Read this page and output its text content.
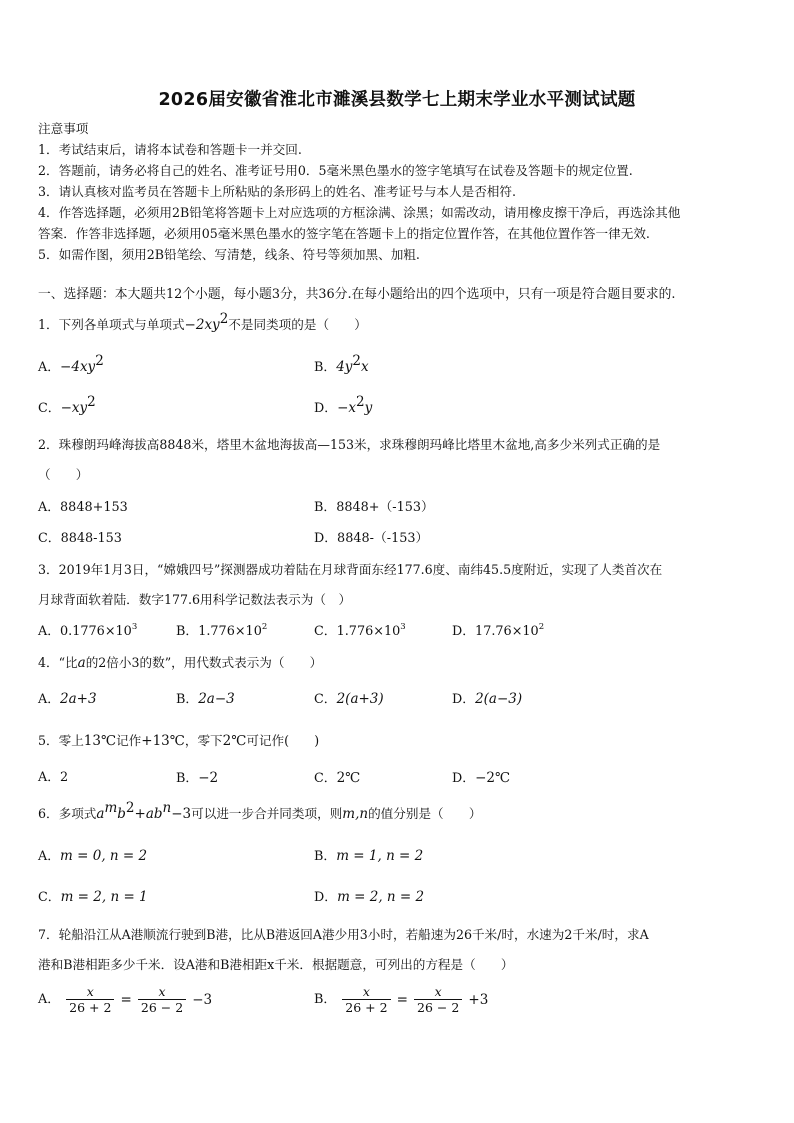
2026届安徽省淮北市濉溪县数学七上期末学业水平测试试题
注意事项
1．考试结束后，请将本试卷和答题卡一并交回.
2．答题前，请务必将自己的姓名、准考证号用0．5毫米黑色墨水的签字笔填写在试卷及答题卡的规定位置.
3．请认真核对监考员在答题卡上所粘贴的条形码上的姓名、准考证号与本人是否相符.
4．作答选择题，必须用2B铅笔将答题卡上对应选项的方框涂满、涂黑；如需改动，请用橡皮擦干净后，再选涂其他
答案．作答非选择题，必须用05毫米黑色墨水的签字笔在答题卡上的指定位置作答，在其他位置作答一律无效.
5．如需作图，须用2B铅笔绘、写清楚，线条、符号等须加黑、加粗.
一、选择题：本大题共12个小题，每小题3分，共36分.在每小题给出的四个选项中，只有一项是符合题目要求的.
1．下列各单项式与单项式$-2xy^2$不是同类项的是（　　）
A．$-4xy^2$	B．$4y^2x$
C．$-xy^2$	D．$-x^2y$
2．珠穆朗玛峰海拔高8848米，塔里木盆地海拔高—153米，求珠穆朗玛峰比塔里木盆地,高多少米列式正确的是
（　　）
A．8848+153	B．8848+（-153）
C．8848-153	D．8848-（-153）
3．2019年1月3日，“嫦娥四号”探测器成功着陆在月球背面东经177.6度、南纬45.5度附近，实现了人类首次在
月球背面软着陆．数字177.6用科学记数法表示为（　）
A．$0.1776\times 10^3$	B．$1.776\times 10^2$	C．$1.776\times 10^3$	D．$17.76\times 10^2$
4．“比a的2倍小3的数”，用代数式表示为（　　）
A．2a+3	B．2a−3	C．2(a+3)	D．2(a−3)
5．零上13℃记作+13℃，零下2℃可记作(　　)
A．2	B．−2	C．2℃	D．−2℃
6．多项式$a^mb^2+ab^n-3$可以进一步合并同类项，则m,n的值分别是（　　）
A．m = 0, n = 2	B．m = 1, n = 2
C．m = 2, n = 1	D．m = 2, n = 2
7．轮船沿江从A港顺流行驶到B港，比从B港返回A港少用3小时，若船速为26千米/时，水速为2千米/时，求A
港和B港相距多少千米．设A港和B港相距x千米．根据题意，可列出的方程是（　　）
A． $\frac{x}{26 + 2} = \frac{x}{26 - 2} -3$	B． $\frac{x}{26 + 2} = \frac{x}{26 - 2} +3$
